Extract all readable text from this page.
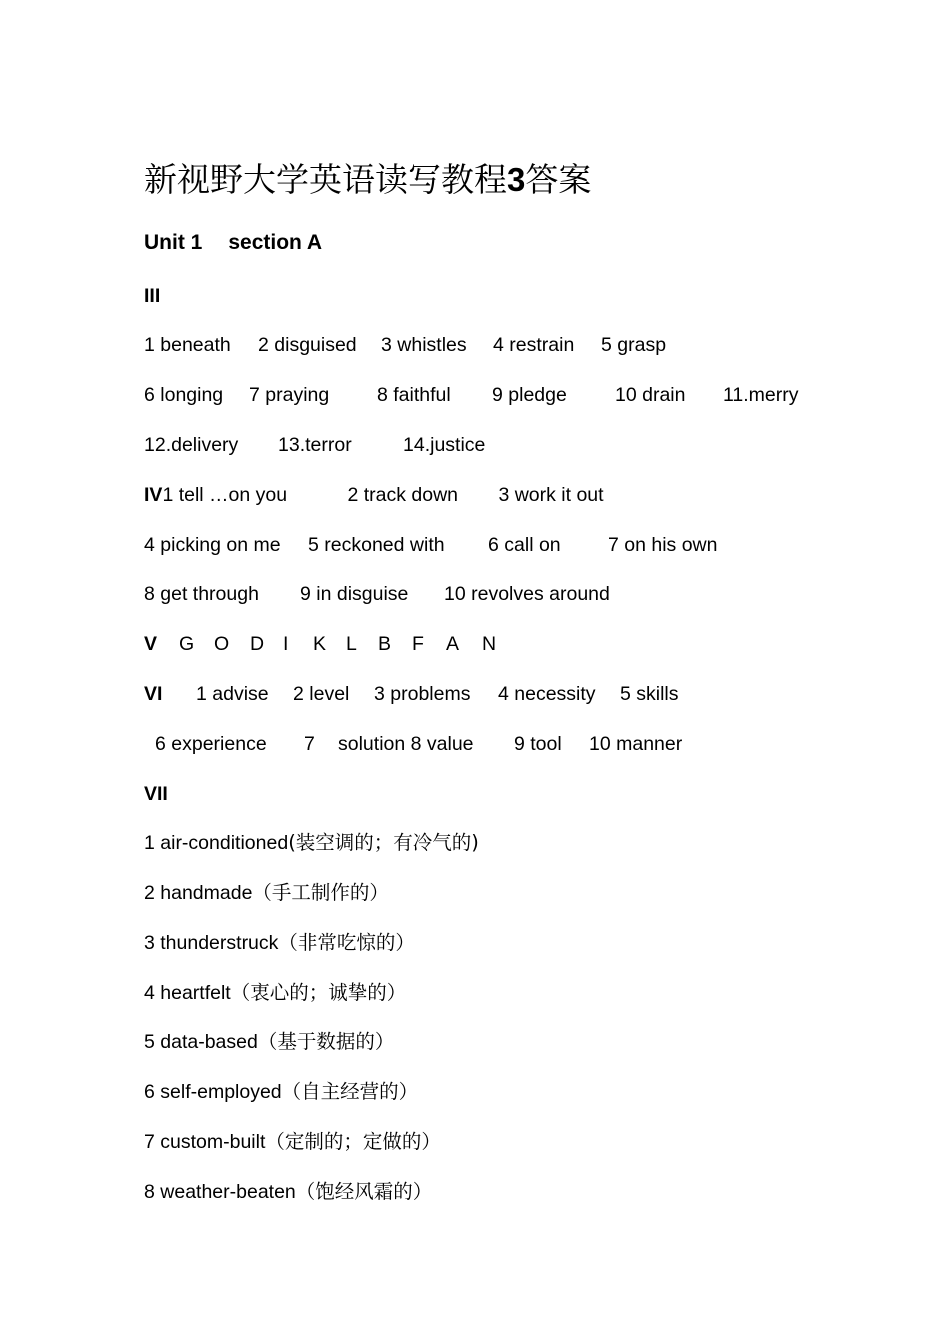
新视野大学英语读写教程3答案
Unit 1 section A
III
1 beneath 2 disguised 3 whistles 4 restrain 5 grasp
6 longing 7 praying 8 faithful 9 pledge 10 drain 11.merry
12.delivery 13.terror	14.justice
IV1 tell …on you	2 track down 3 work it out
4 picking on me 5 reckoned with 6 call on 7 on his own
8 get through 9 in disguise 10 revolves around
V G O D I K L B F A N
VI 1 advise 2 level 3 problems 4 necessity 5 skills
6 experience 7 solution 8 value 9 tool 10 manner
VII
1 air-conditioned(装空调的；有冷气的)
2 handmade（手工制作的）
3 thunderstruck（非常吃惊的）
4 heartfelt（衷心的；诚挚的）
5 data-based（基于数据的）
6 self-employed（自主经营的）
7 custom-built（定制的；定做的）
8 weather-beaten（饱经风霜的）
